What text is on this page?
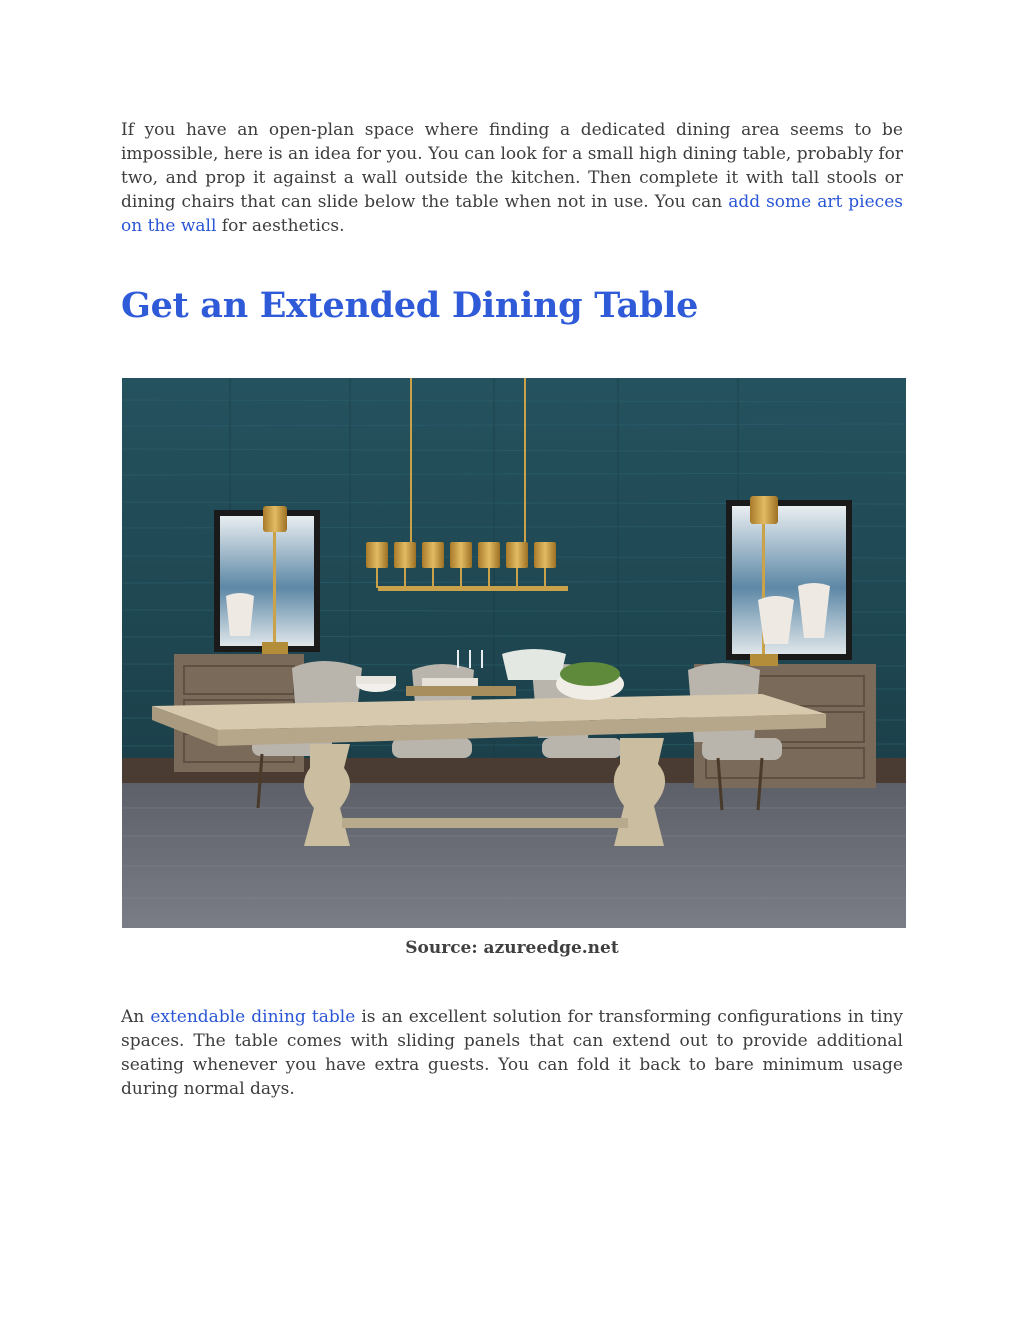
If you have an open-plan space where finding a dedicated dining area seems to be impossible, here is an idea for you. You can look for a small high dining table, probably for two, and prop it against a wall outside the kitchen. Then complete it with tall stools or dining chairs that can slide below the table when not in use. You can add some art pieces on the wall for aesthetics.

Get an Extended Dining Table
Source: azureedge.net

An extendable dining table is an excellent solution for transforming configurations in tiny spaces. The table comes with sliding panels that can extend out to provide additional seating whenever you have extra guests. You can fold it back to bare minimum usage during normal days.
